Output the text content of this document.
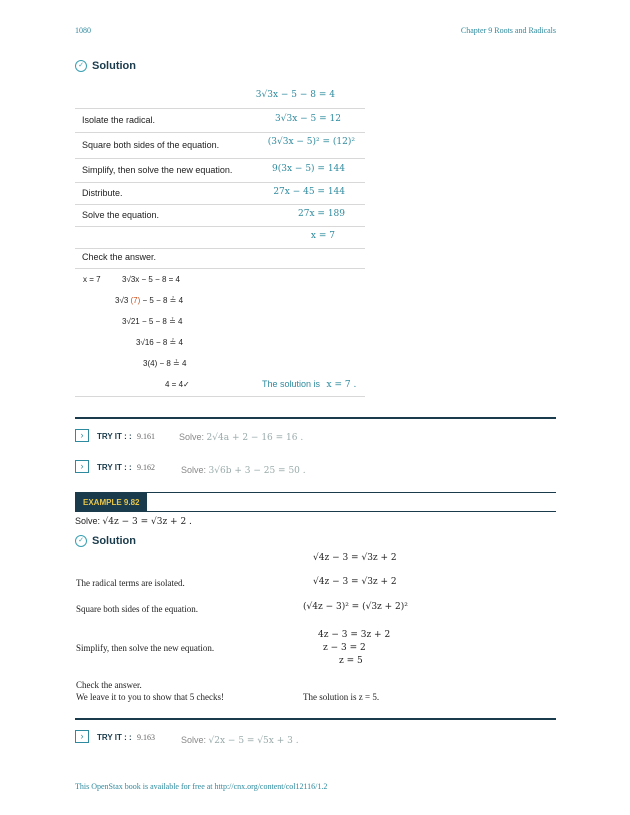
1080	Chapter 9 Roots and Radicals
✓ Solution
3√3x − 5 − 8 = 4
Isolate the radical.	3√3x − 5 = 12
Square both sides of the equation.	(3√3x − 5)² = (12)²
Simplify, then solve the new equation.	9(3x − 5) = 144
Distribute.	27x − 45 = 144
Solve the equation.	27x = 189
x = 7
Check the answer.
x = 7	3√3x − 5 − 8 = 4
3√3 (7) − 5 − 8 ≟ 4
3√21 − 5 − 8 ≟ 4
3√16 − 8 ≟ 4
3(4) − 8 ≟ 4
4 = 4✓	The solution is x = 7 .
›	TRY IT : : 9.161	Solve: 2√4a + 2 − 16 = 16 .
›	TRY IT : : 9.162	Solve: 3√6b + 3 − 25 = 50 .
EXAMPLE 9.82
Solve: √4z − 3 = √3z + 2 .
✓ Solution
√4z − 3 = √3z + 2
The radical terms are isolated.	√4z − 3 = √3z + 2
Square both sides of the equation.	(√4z − 3)² = (√3z + 2)²
Simplify, then solve the new equation.
4z − 3 = 3z + 2
z − 3 = 2
z = 5
Check the answer.
We leave it to you to show that 5 checks!	The solution is z = 5.
›	TRY IT : : 9.163	Solve: √2x − 5 = √5x + 3 .
This OpenStax book is available for free at http://cnx.org/content/col12116/1.2
